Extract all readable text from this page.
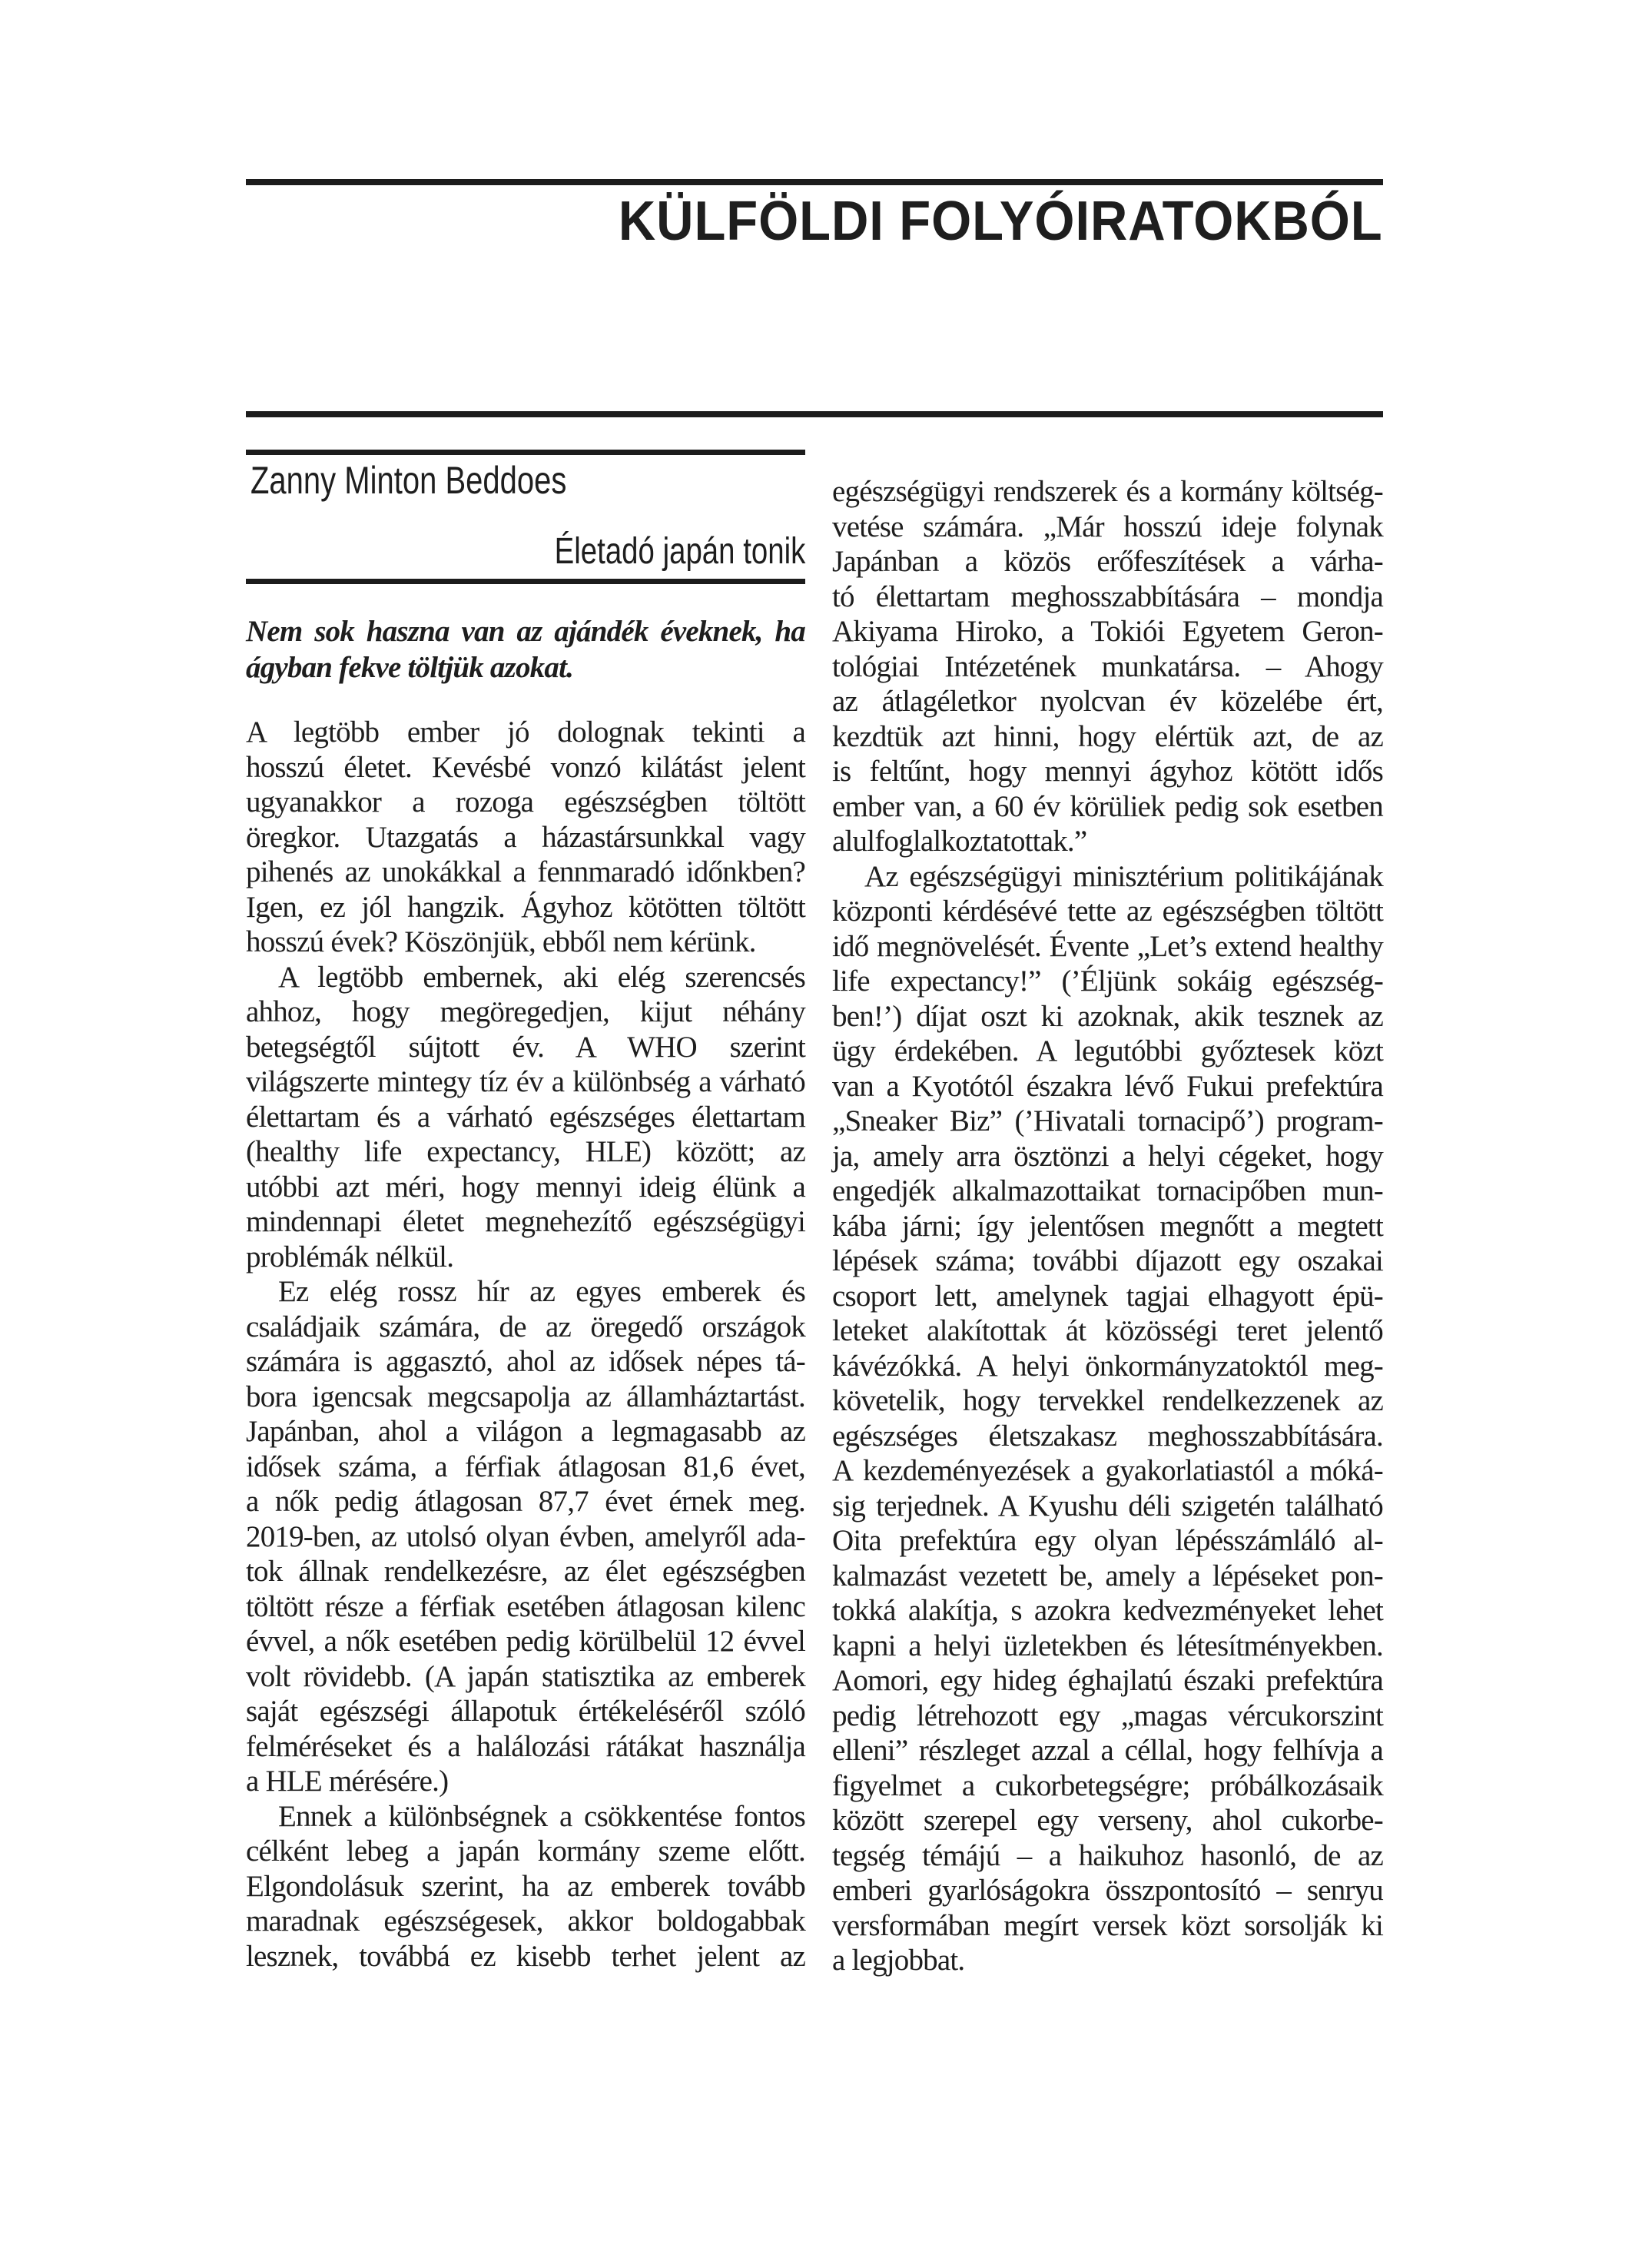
KÜLFÖLDI FOLYÓIRATOKBÓL
Zanny Minton Beddoes
Életadó japán tonik
Nem sok haszna van az ajándék éveknek, ha
ágyban fekve töltjük azokat.
A legtöbb ember jó dolognak tekinti a
hosszú életet. Kevésbé vonzó kilátást jelent
ugyanakkor a rozoga egészségben töltött
öregkor. Utazgatás a házastársunkkal vagy
pihenés az unokákkal a fennmaradó időnkben?
Igen, ez jól hangzik. Ágyhoz kötötten töltött
hosszú évek? Köszönjük, ebből nem kérünk.
A legtöbb embernek, aki elég szerencsés
ahhoz, hogy megöregedjen, kijut néhány
betegségtől sújtott év. A WHO szerint
világszerte mintegy tíz év a különbség a várható
élettartam és a várható egészséges élettartam
(healthy life expectancy, HLE) között; az
utóbbi azt méri, hogy mennyi ideig élünk a
mindennapi életet megnehezítő egészségügyi
problémák nélkül.
Ez elég rossz hír az egyes emberek és
családjaik számára, de az öregedő országok
számára is aggasztó, ahol az idősek népes tá-
bora igencsak megcsapolja az államháztartást.
Japánban, ahol a világon a legmagasabb az
idősek száma, a férfiak átlagosan 81,6 évet,
a nők pedig átlagosan 87,7 évet érnek meg.
2019-ben, az utolsó olyan évben, amelyről ada-
tok állnak rendelkezésre, az élet egészségben
töltött része a férfiak esetében átlagosan kilenc
évvel, a nők esetében pedig körülbelül 12 évvel
volt rövidebb. (A japán statisztika az emberek
saját egészségi állapotuk értékeléséről szóló
felméréseket és a halálozási rátákat használja
a HLE mérésére.)
Ennek a különbségnek a csökkentése fontos
célként lebeg a japán kormány szeme előtt.
Elgondolásuk szerint, ha az emberek tovább
maradnak egészségesek, akkor boldogabbak
lesznek, továbbá ez kisebb terhet jelent az
egészségügyi rendszerek és a kormány költség-
vetése számára. „Már hosszú ideje folynak
Japánban a közös erőfeszítések a várha-
tó élettartam meghosszabbítására – mondja
Akiyama Hiroko, a Tokiói Egyetem Geron-
tológiai Intézetének munkatársa. – Ahogy
az átlagéletkor nyolcvan év közelébe ért,
kezdtük azt hinni, hogy elértük azt, de az
is feltűnt, hogy mennyi ágyhoz kötött idős
ember van, a 60 év körüliek pedig sok esetben
alulfoglalkoztatottak.”
Az egészségügyi minisztérium politikájának
központi kérdésévé tette az egészségben töltött
idő megnövelését. Évente „Let’s extend healthy
life expectancy!” (’Éljünk sokáig egészség-
ben!’) díjat oszt ki azoknak, akik tesznek az
ügy érdekében. A legutóbbi győztesek közt
van a Kyotótól északra lévő Fukui prefektúra
„Sneaker Biz” (’Hivatali tornacipő’) program-
ja, amely arra ösztönzi a helyi cégeket, hogy
engedjék alkalmazottaikat tornacipőben mun-
kába járni; így jelentősen megnőtt a megtett
lépések száma; további díjazott egy oszakai
csoport lett, amelynek tagjai elhagyott épü-
leteket alakítottak át közösségi teret jelentő
kávézókká. A helyi önkormányzatoktól meg-
követelik, hogy tervekkel rendelkezzenek az
egészséges életszakasz meghosszabbítására.
A kezdeményezések a gyakorlatiastól a móká-
sig terjednek. A Kyushu déli szigetén található
Oita prefektúra egy olyan lépésszámláló al-
kalmazást vezetett be, amely a lépéseket pon-
tokká alakítja, s azokra kedvezményeket lehet
kapni a helyi üzletekben és létesítményekben.
Aomori, egy hideg éghajlatú északi prefektúra
pedig létrehozott egy „magas vércukorszint
elleni” részleget azzal a céllal, hogy felhívja a
figyelmet a cukorbetegségre; próbálkozásaik
között szerepel egy verseny, ahol cukorbe-
tegség témájú – a haikuhoz hasonló, de az
emberi gyarlóságokra összpontosító – senryu
versformában megírt versek közt sorsolják ki
a legjobbat.
